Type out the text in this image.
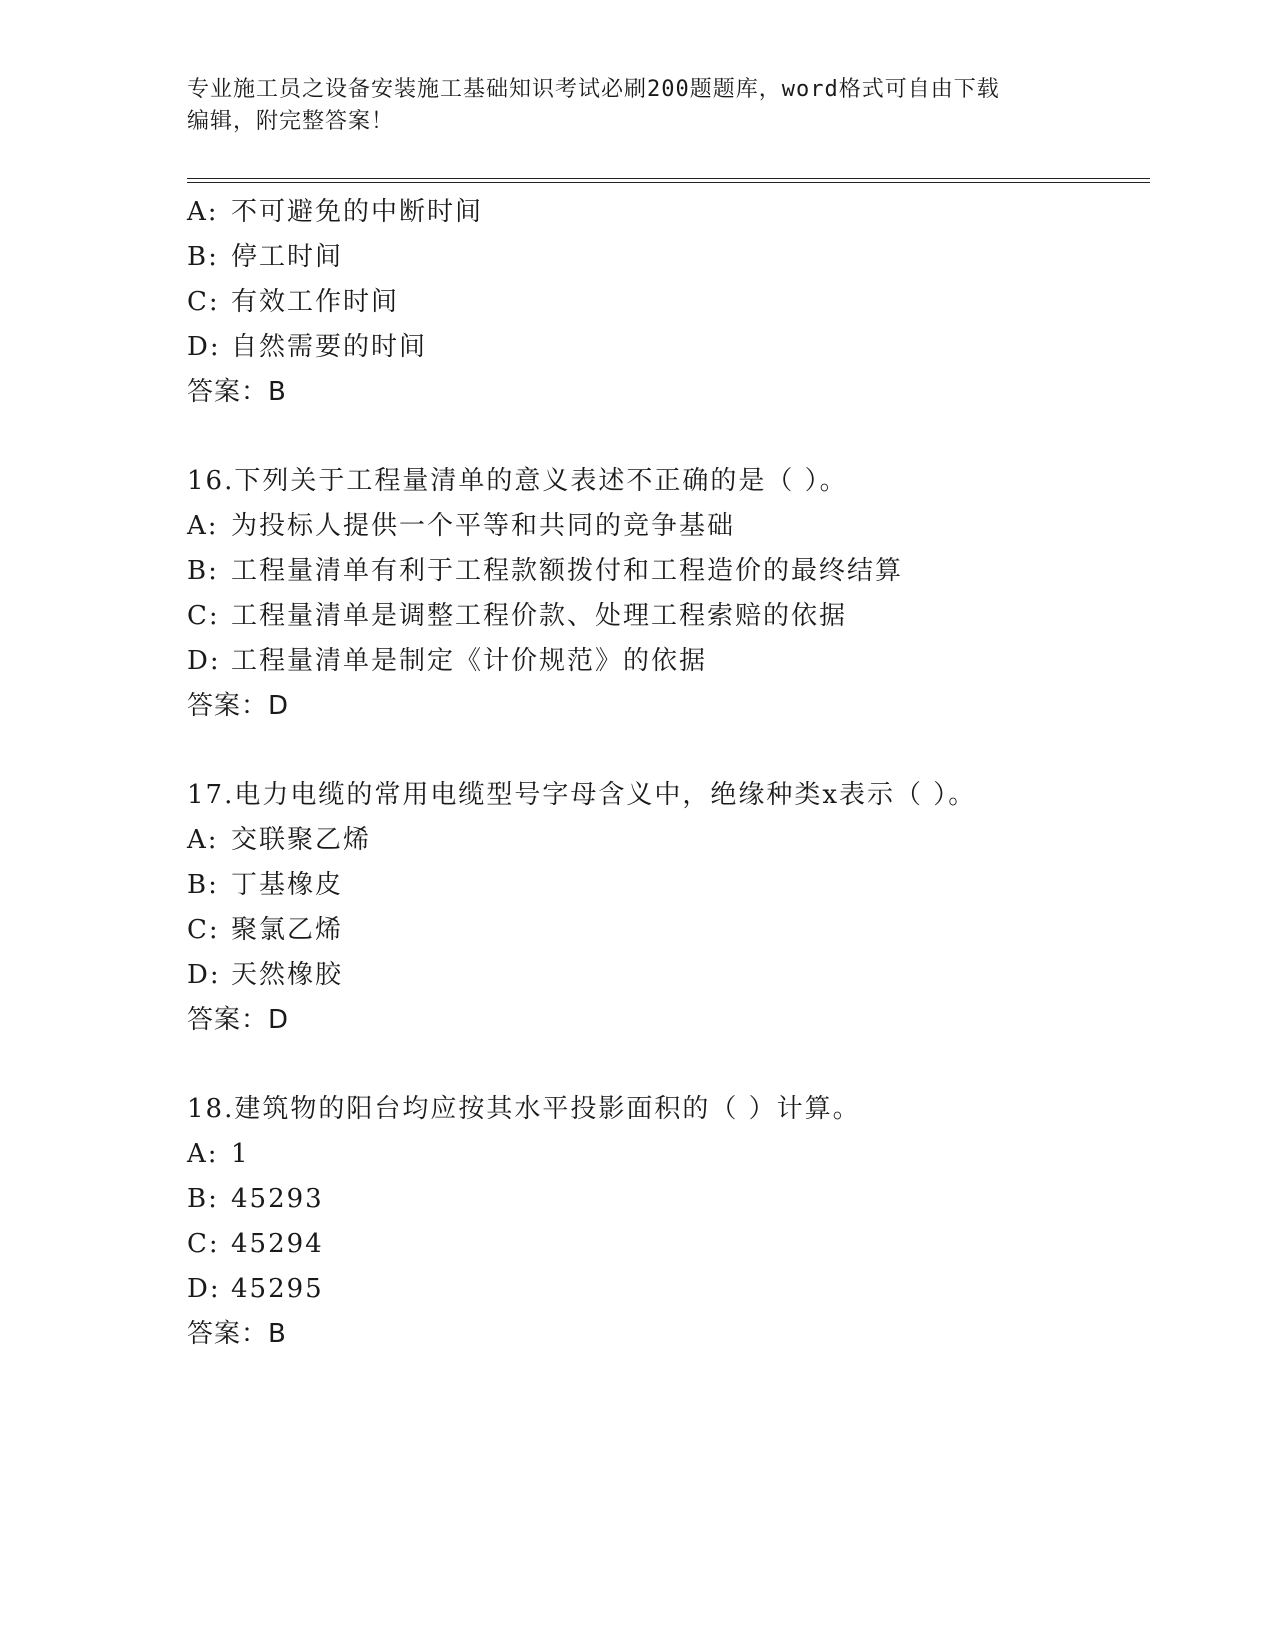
专业施工员之设备安装施工基础知识考试必刷200题题库，word格式可自由下载
编辑，附完整答案！
A: 不可避免的中断时间
B: 停工时间
C: 有效工作时间
D: 自然需要的时间
答案：B
16.下列关于工程量清单的意义表述不正确的是（ ）。
A: 为投标人提供一个平等和共同的竞争基础
B: 工程量清单有利于工程款额拨付和工程造价的最终结算
C: 工程量清单是调整工程价款、处理工程索赔的依据
D: 工程量清单是制定《计价规范》的依据
答案：D
17.电力电缆的常用电缆型号字母含义中，绝缘种类x表示（ ）。
A: 交联聚乙烯
B: 丁基橡皮
C: 聚氯乙烯
D: 天然橡胶
答案：D
18.建筑物的阳台均应按其水平投影面积的（ ）计算。
A: 1
B: 45293
C: 45294
D: 45295
答案：B
